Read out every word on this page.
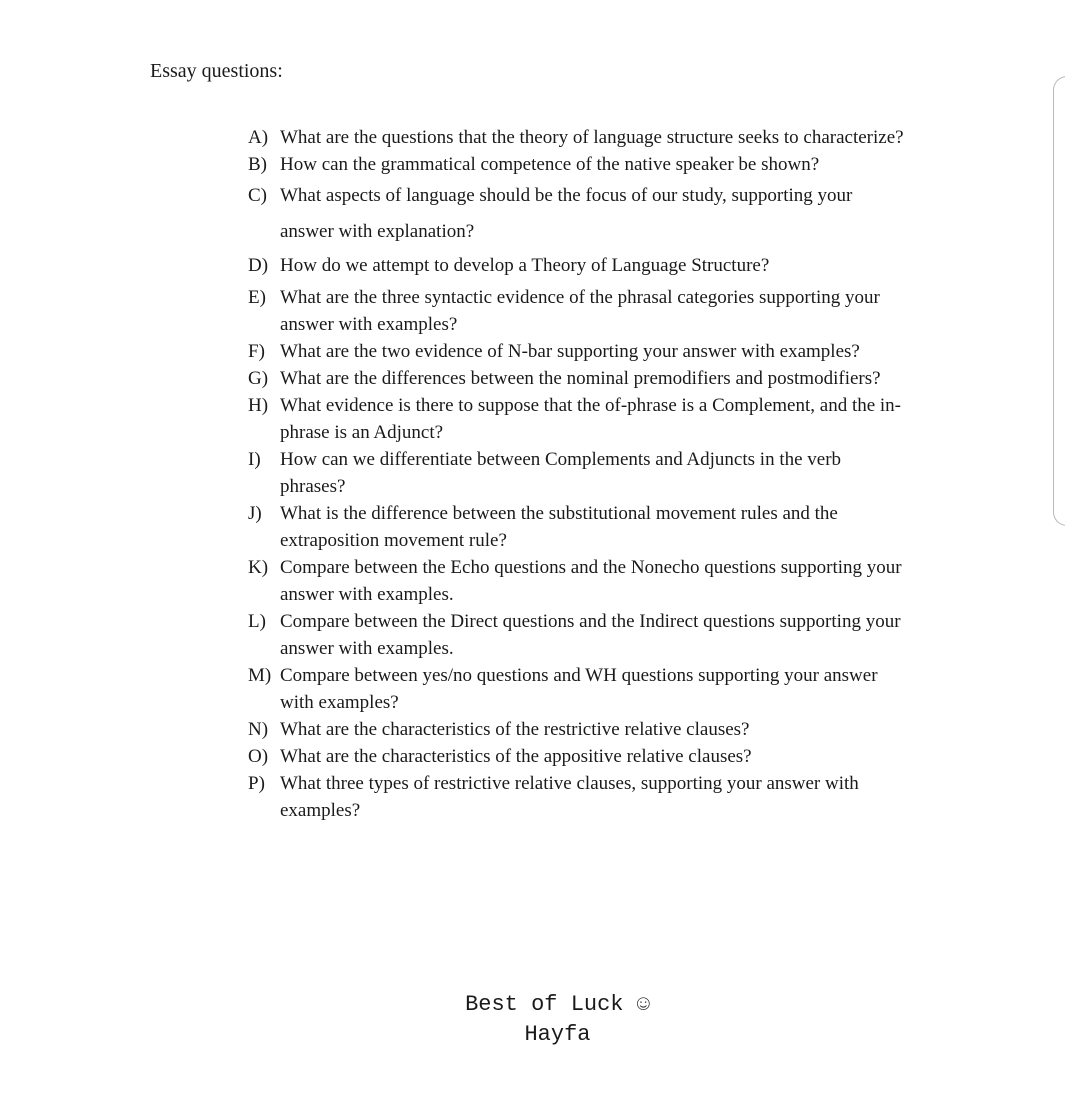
Essay questions:
A) What are the questions that the theory of language structure seeks to characterize?
B) How can the grammatical competence of the native speaker be shown?
C) What aspects of language should be the focus of our study, supporting your answer with explanation?
D) How do we attempt to develop a Theory of Language Structure?
E) What are the three syntactic evidence of the phrasal categories supporting your answer with examples?
F) What are the two evidence of N-bar supporting your answer with examples?
G) What are the differences between the nominal premodifiers and postmodifiers?
H) What evidence is there to suppose that the of-phrase is a Complement, and the in-phrase is an Adjunct?
I)	How can we differentiate between Complements and Adjuncts in the verb phrases?
J) What is the difference between the substitutional movement rules and the extraposition movement rule?
K) Compare between the Echo questions and the Nonecho questions supporting your answer with examples.
L) Compare between the Direct questions and the Indirect questions supporting your answer with examples.
M) Compare between yes/no questions and WH questions supporting your answer with examples?
N) What are the characteristics of the restrictive relative clauses?
O) What are the characteristics of the appositive relative clauses?
P) What three types of restrictive relative clauses, supporting your answer with examples?
Best of Luck ☺
Hayfa
